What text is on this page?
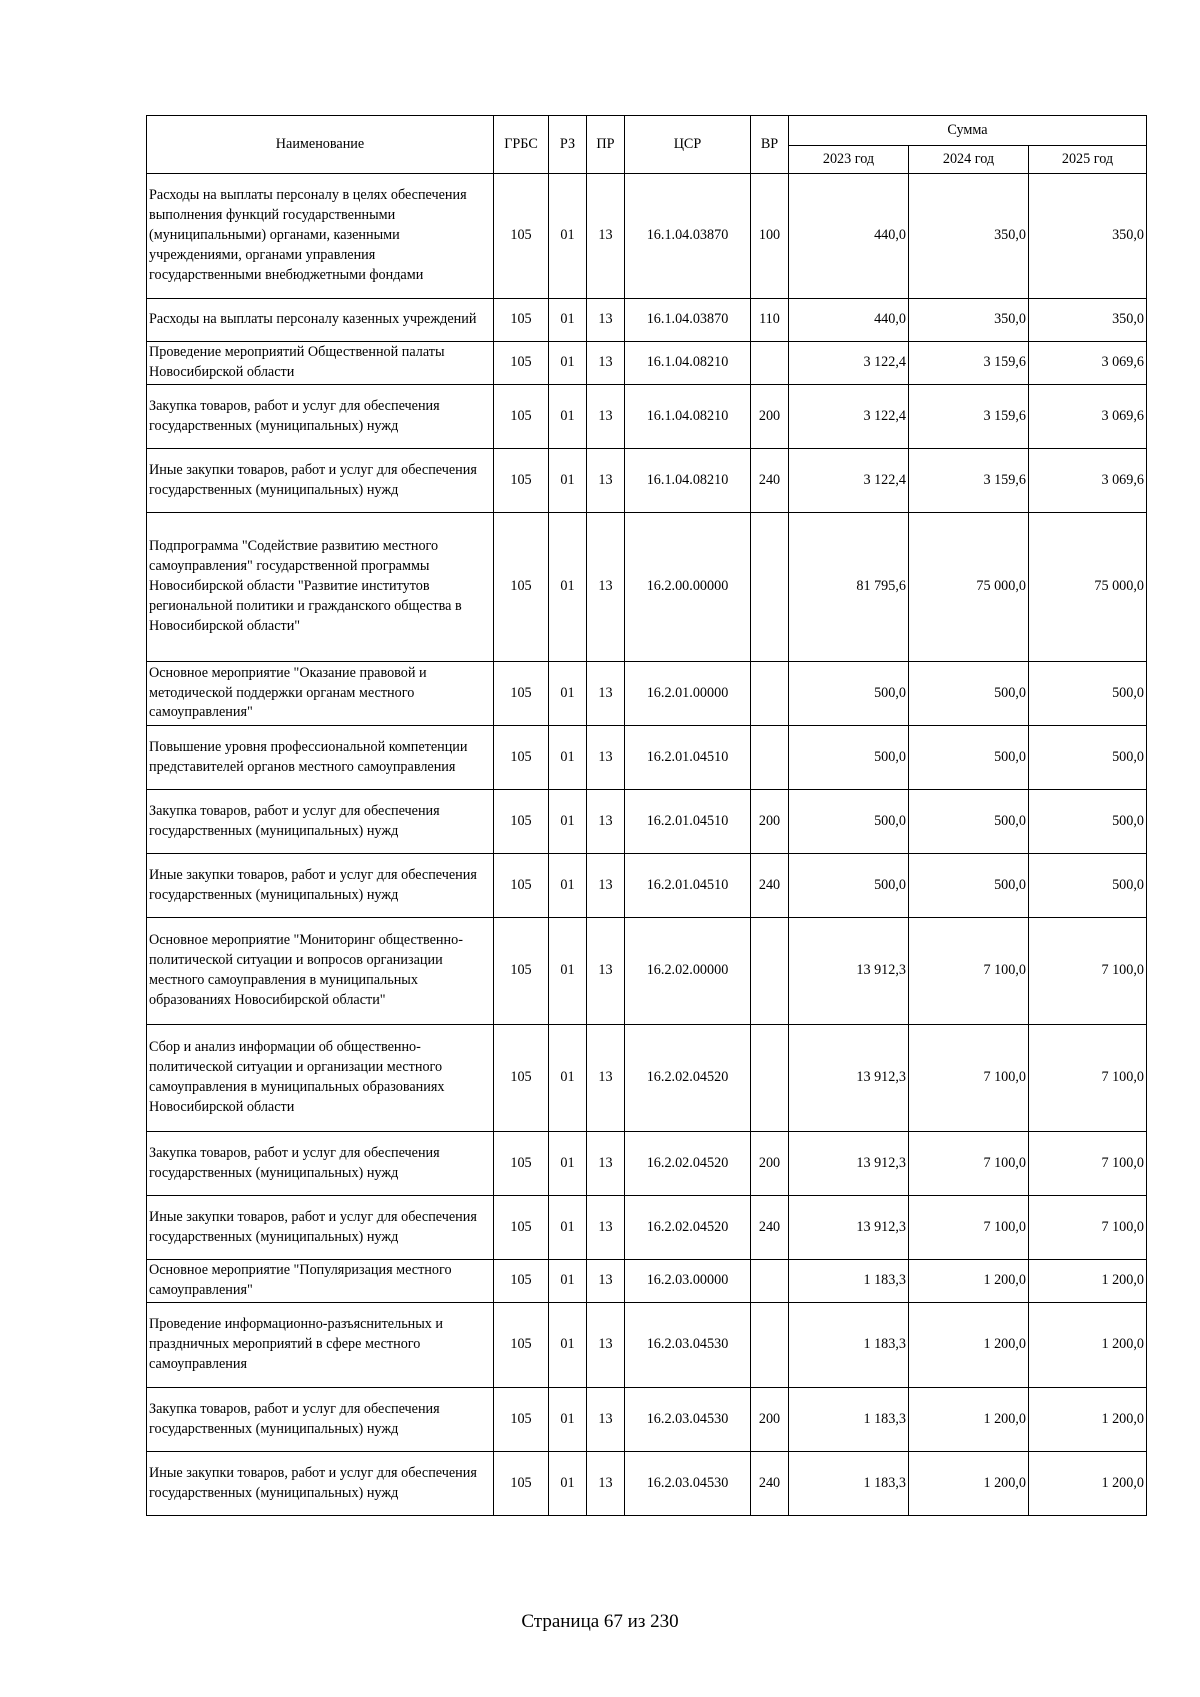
Наименование	ГРБС	РЗ	ПР	ЦСР	ВР	Сумма		
						2023 год	2024 год	2025 год
Расходы на выплаты персоналу в целях обеспечения выполнения функций государственными (муниципальными) органами, казенными учреждениями, органами управления государственными внебюджетными фондами	105	01	13	16.1.04.03870	100	440,0	350,0	350,0
Расходы на выплаты персоналу казенных учреждений	105	01	13	16.1.04.03870	110	440,0	350,0	350,0
Проведение мероприятий Общественной палаты Новосибирской области	105	01	13	16.1.04.08210		3 122,4	3 159,6	3 069,6
Закупка товаров, работ и услуг для обеспечения государственных (муниципальных) нужд	105	01	13	16.1.04.08210	200	3 122,4	3 159,6	3 069,6
Иные закупки товаров, работ и услуг для обеспечения государственных (муниципальных) нужд	105	01	13	16.1.04.08210	240	3 122,4	3 159,6	3 069,6
Подпрограмма "Содействие развитию местного самоуправления" государственной программы Новосибирской области "Развитие институтов региональной политики и гражданского общества в Новосибирской области"	105	01	13	16.2.00.00000		81 795,6	75 000,0	75 000,0
Основное мероприятие "Оказание правовой и методической поддержки органам местного самоуправления"	105	01	13	16.2.01.00000		500,0	500,0	500,0
Повышение уровня профессиональной компетенции представителей органов местного самоуправления	105	01	13	16.2.01.04510		500,0	500,0	500,0
Закупка товаров, работ и услуг для обеспечения государственных (муниципальных) нужд	105	01	13	16.2.01.04510	200	500,0	500,0	500,0
Иные закупки товаров, работ и услуг для обеспечения государственных (муниципальных) нужд	105	01	13	16.2.01.04510	240	500,0	500,0	500,0
Основное мероприятие "Мониторинг общественно-политической ситуации и вопросов организации местного самоуправления в муниципальных образованиях Новосибирской области"	105	01	13	16.2.02.00000		13 912,3	7 100,0	7 100,0
Сбор и анализ информации об общественно-политической ситуации и организации местного самоуправления в муниципальных образованиях Новосибирской области	105	01	13	16.2.02.04520		13 912,3	7 100,0	7 100,0
Закупка товаров, работ и услуг для обеспечения государственных (муниципальных) нужд	105	01	13	16.2.02.04520	200	13 912,3	7 100,0	7 100,0
Иные закупки товаров, работ и услуг для обеспечения государственных (муниципальных) нужд	105	01	13	16.2.02.04520	240	13 912,3	7 100,0	7 100,0
Основное мероприятие "Популяризация местного самоуправления"	105	01	13	16.2.03.00000		1 183,3	1 200,0	1 200,0
Проведение информационно-разъяснительных и праздничных мероприятий в сфере местного самоуправления	105	01	13	16.2.03.04530		1 183,3	1 200,0	1 200,0
Закупка товаров, работ и услуг для обеспечения государственных (муниципальных) нужд	105	01	13	16.2.03.04530	200	1 183,3	1 200,0	1 200,0
Иные закупки товаров, работ и услуг для обеспечения государственных (муниципальных) нужд	105	01	13	16.2.03.04530	240	1 183,3	1 200,0	1 200,0
Страница 67 из 230
